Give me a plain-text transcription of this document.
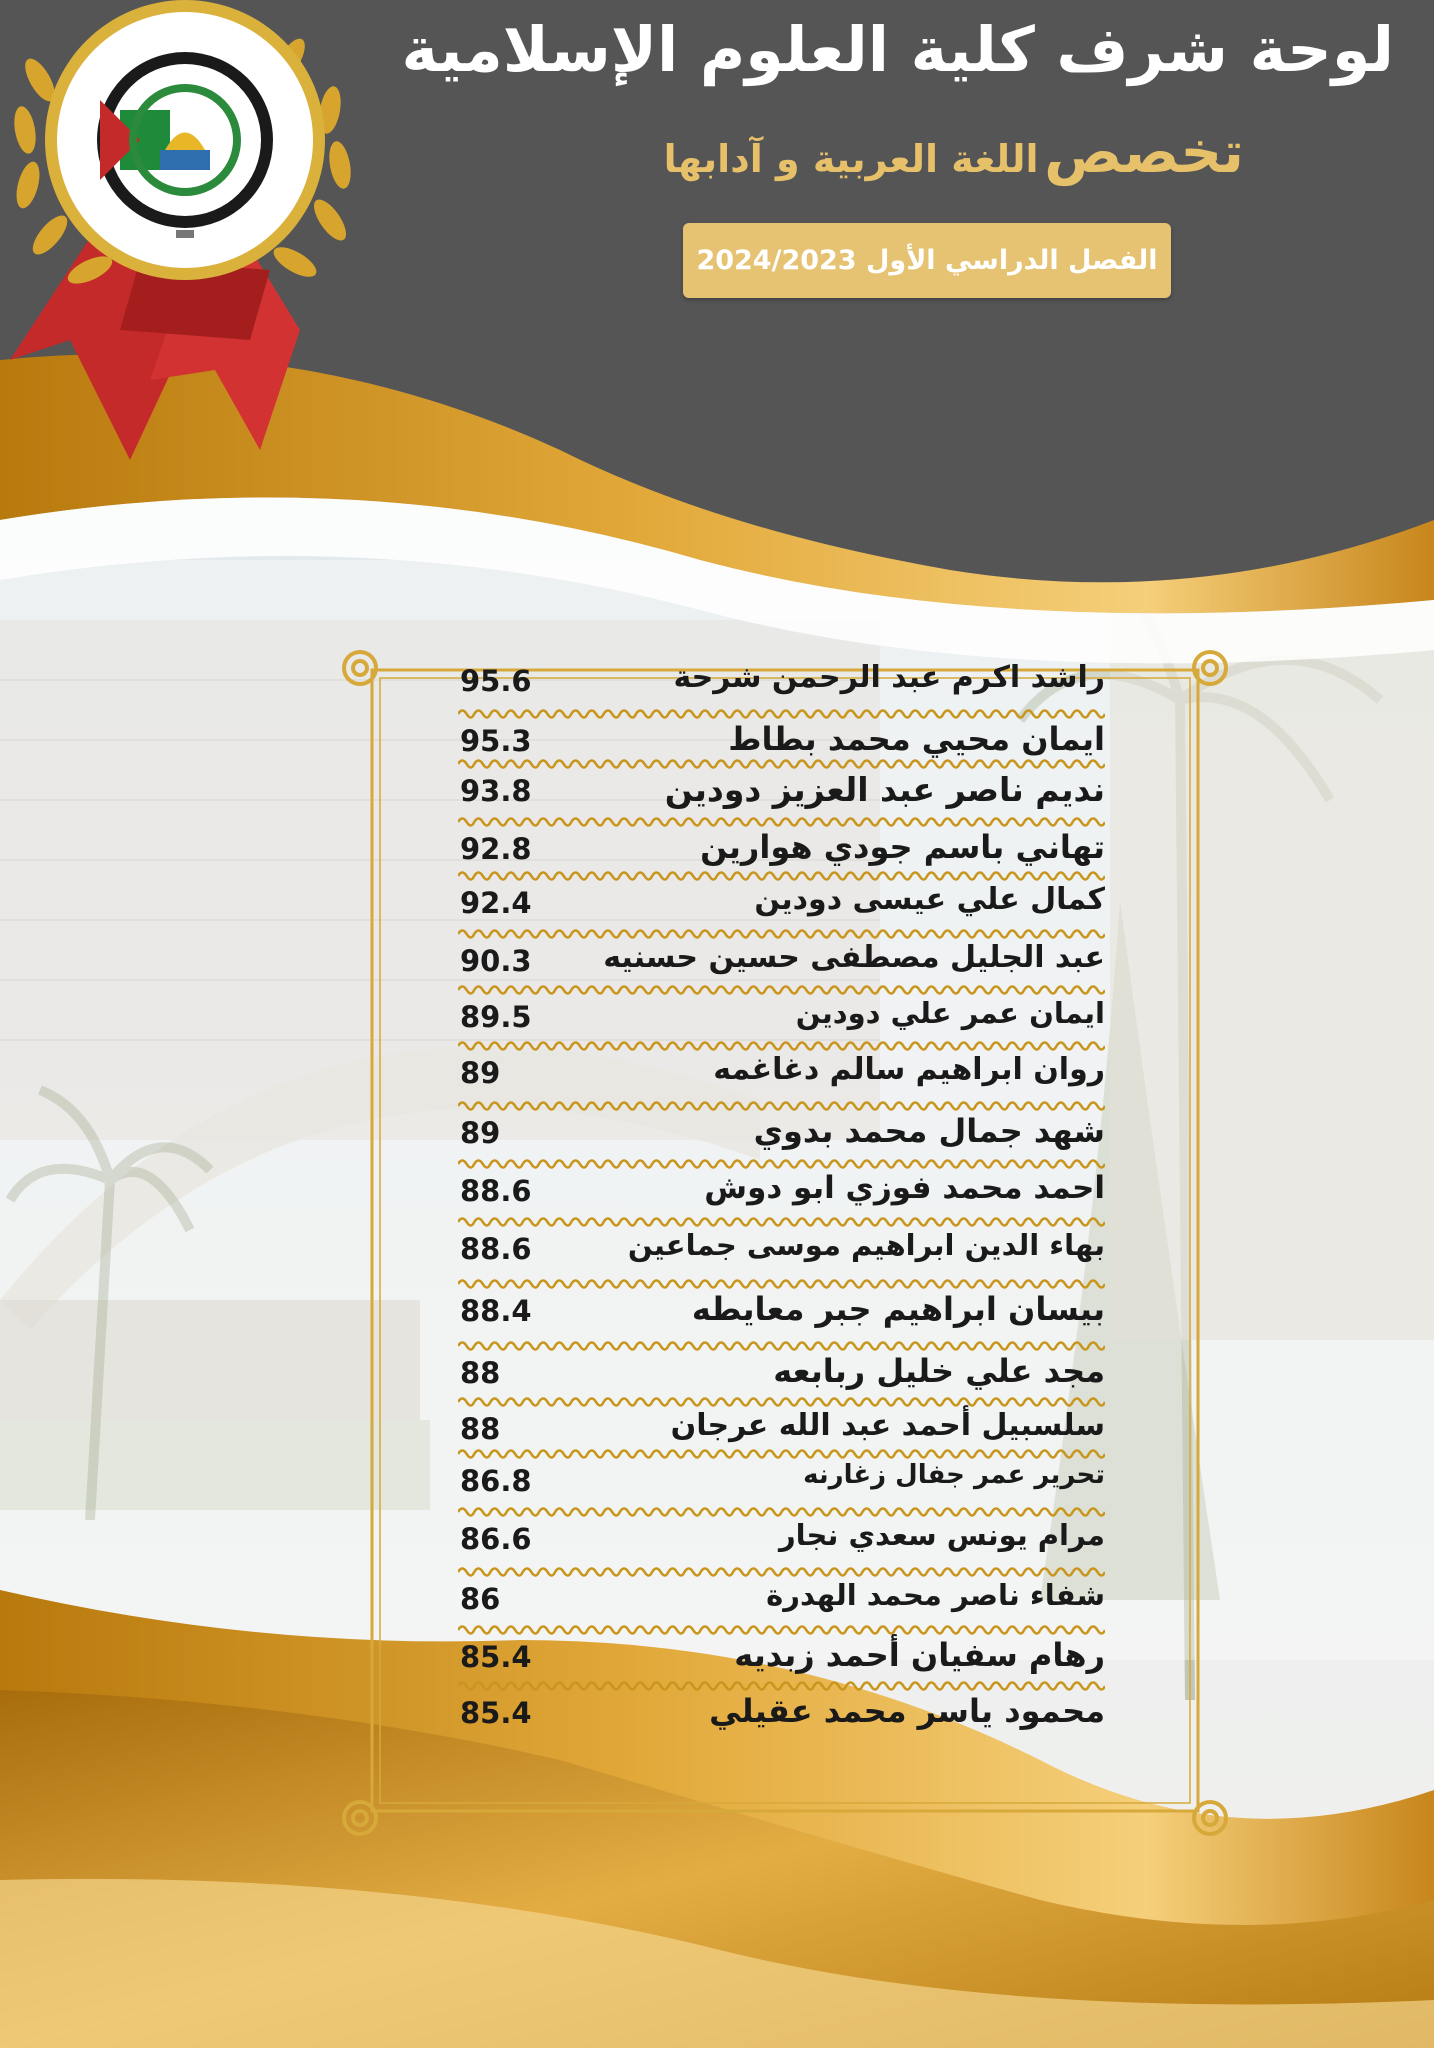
لوحة شرف كلية العلوم الإسلامية
تخصص اللغة العربية و آدابها
الفصل الدراسي الأول 2024/2023
راشد اكرم عبد الرحمن شرحة
95.6
ايمان محيي محمد بطاط
95.3
نديم ناصر عبد العزيز دودين
93.8
تهاني باسم جودي هوارين
92.8
كمال علي عيسى دودين
92.4
عبد الجليل مصطفى حسين حسنيه
90.3
ايمان عمر علي دودين
89.5
روان ابراهيم سالم دغاغمه
89
شهد جمال محمد بدوي
89
احمد محمد فوزي ابو دوش
88.6
بهاء الدين ابراهيم موسى جماعين
88.6
بيسان ابراهيم جبر معايطه
88.4
مجد علي خليل ربابعه
88
سلسبيل أحمد عبد الله عرجان
88
تحرير عمر جفال زغارنه
86.8
مرام يونس سعدي نجار
86.6
شفاء ناصر محمد الهدرة
86
رهام سفيان أحمد زبديه
85.4
محمود ياسر محمد عقيلي
85.4
